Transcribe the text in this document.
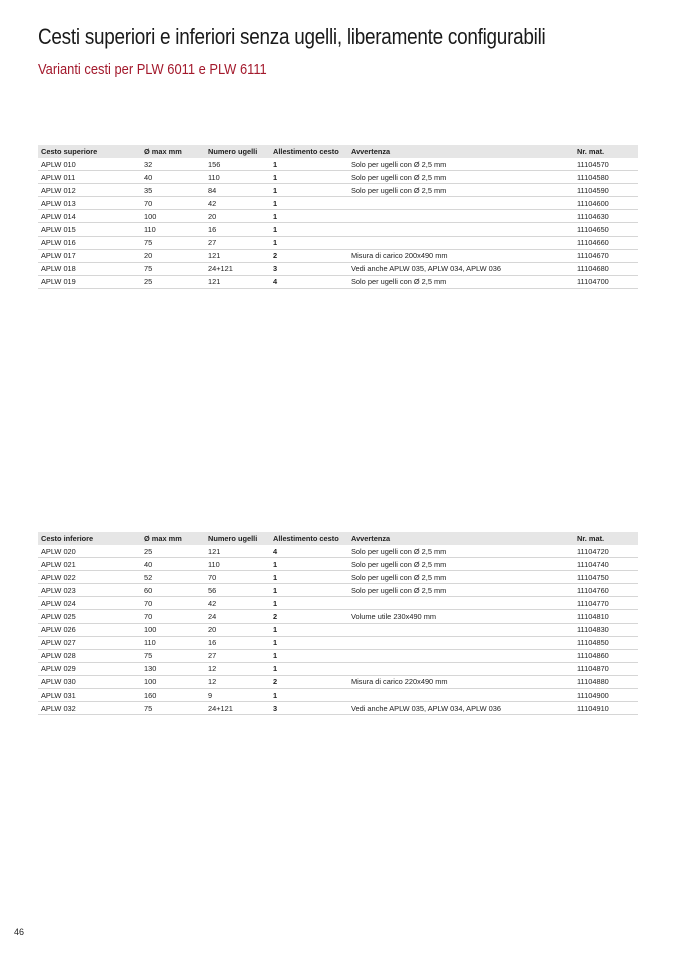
Cesti superiori e inferiori senza ugelli, liberamente configurabili
Varianti cesti per PLW 6011 e PLW 6111
Cesto superiore	Ø max mm	Numero ugelli	Allestimento cesto	Avvertenza	Nr. mat.
APLW 010	32	156	1	Solo per ugelli con Ø 2,5 mm	11104570
APLW 011	40	110	1	Solo per ugelli con Ø 2,5 mm	11104580
APLW 012	35	84	1	Solo per ugelli con Ø 2,5 mm	11104590
APLW 013	70	42	1		11104600
APLW 014	100	20	1		11104630
APLW 015	110	16	1		11104650
APLW 016	75	27	1		11104660
APLW 017	20	121	2	Misura di carico 200x490 mm	11104670
APLW 018	75	24+121	3	Vedi anche APLW 035, APLW 034, APLW 036	11104680
APLW 019	25	121	4	Solo per ugelli con Ø 2,5 mm	11104700
Cesto inferiore	Ø max mm	Numero ugelli	Allestimento cesto	Avvertenza	Nr. mat.
APLW 020	25	121	4	Solo per ugelli con Ø 2,5 mm	11104720
APLW 021	40	110	1	Solo per ugelli con Ø 2,5 mm	11104740
APLW 022	52	70	1	Solo per ugelli con Ø 2,5 mm	11104750
APLW 023	60	56	1	Solo per ugelli con Ø 2,5 mm	11104760
APLW 024	70	42	1		11104770
APLW 025	70	24	2	Volume utile 230x490 mm	11104810
APLW 026	100	20	1		11104830
APLW 027	110	16	1		11104850
APLW 028	75	27	1		11104860
APLW 029	130	12	1		11104870
APLW 030	100	12	2	Misura di carico 220x490 mm	11104880
APLW 031	160	9	1		11104900
APLW 032	75	24+121	3	Vedi anche APLW 035, APLW 034, APLW 036	11104910
46
